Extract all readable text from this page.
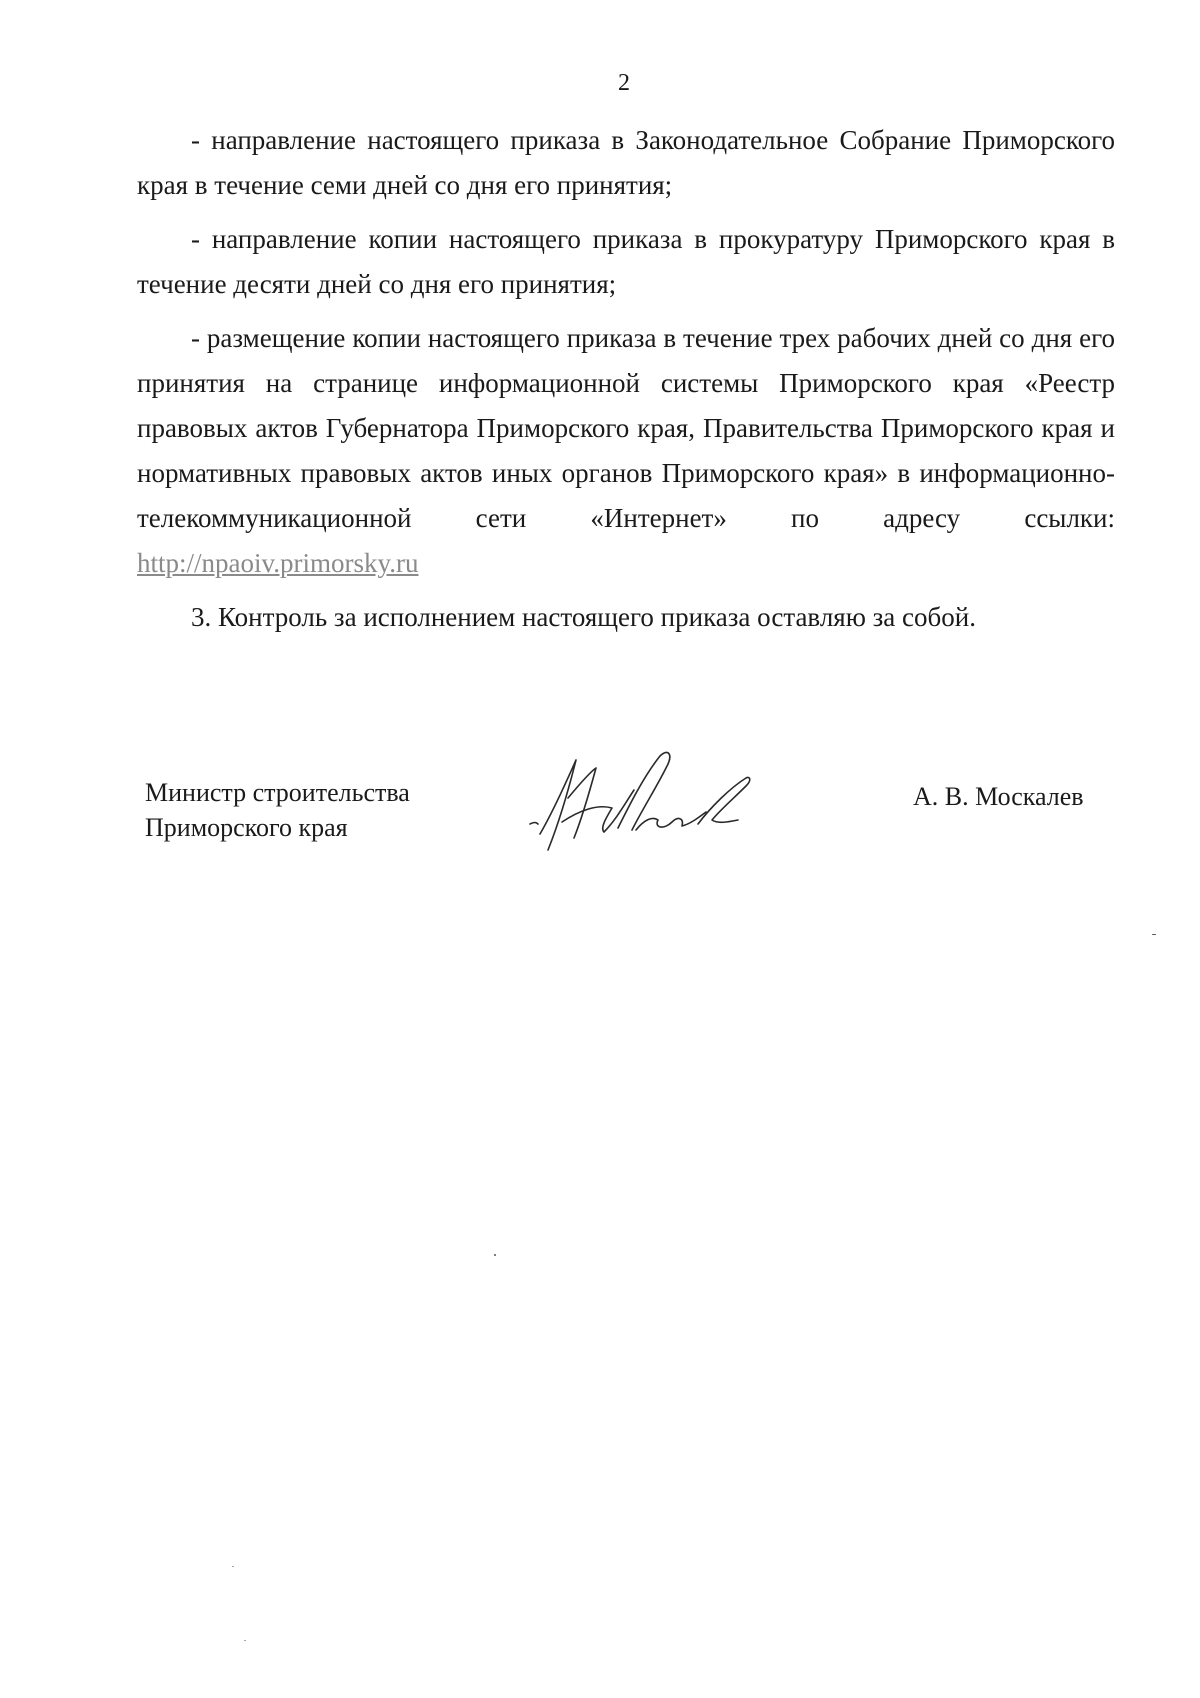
2

- направление настоящего приказа в Законодательное Собрание Приморского края в течение семи дней со дня его принятия;

- направление копии настоящего приказа в прокуратуру Приморского края в течение десяти дней со дня его принятия;

- размещение копии настоящего приказа в течение трех рабочих дней со дня его принятия на странице информационной системы Приморского края «Реестр правовых актов Губернатора Приморского края, Правительства Приморского края и нормативных правовых актов иных органов Приморского края» в информационно-телекоммуникационной сети «Интернет» по адресу ссылки: http://npaoiv.primorsky.ru

3. Контроль за исполнением настоящего приказа оставляю за собой.

Министр строительства
Приморского края
А. В. Москалев
